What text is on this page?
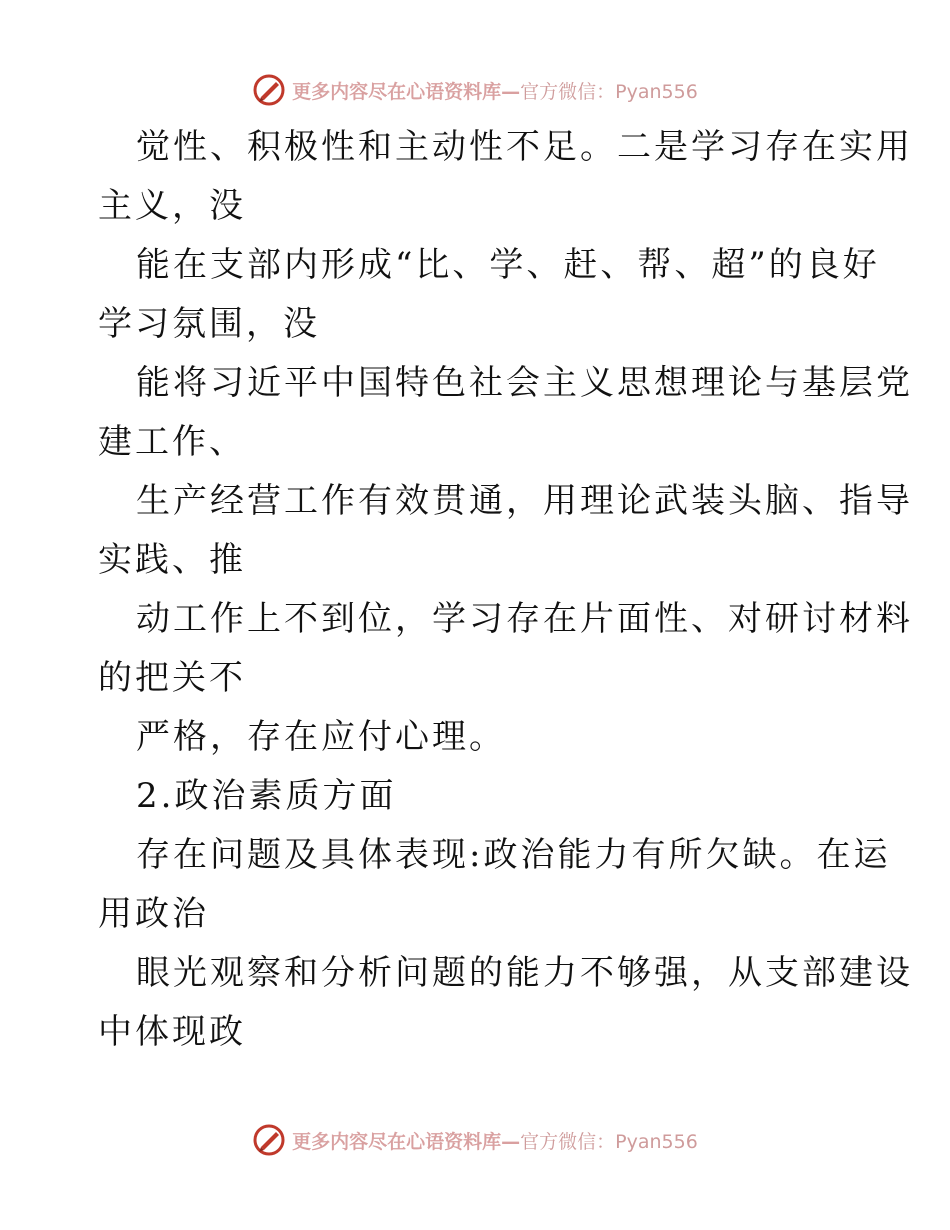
更多内容尽在心语资料库—官方微信：Pyan556
觉性、积极性和主动性不足。二是学习存在实用
主义，没
能在支部内形成“比、学、赶、帮、超”的良好
学习氛围，没
能将习近平中国特色社会主义思想理论与基层党
建工作、
生产经营工作有效贯通，用理论武装头脑、指导
实践、推
动工作上不到位，学习存在片面性、对研讨材料
的把关不
严格，存在应付心理。
2.政治素质方面
存在问题及具体表现:政治能力有所欠缺。在运
用政治
眼光观察和分析问题的能力不够强，从支部建设
中体现政
更多内容尽在心语资料库—官方微信：Pyan556
